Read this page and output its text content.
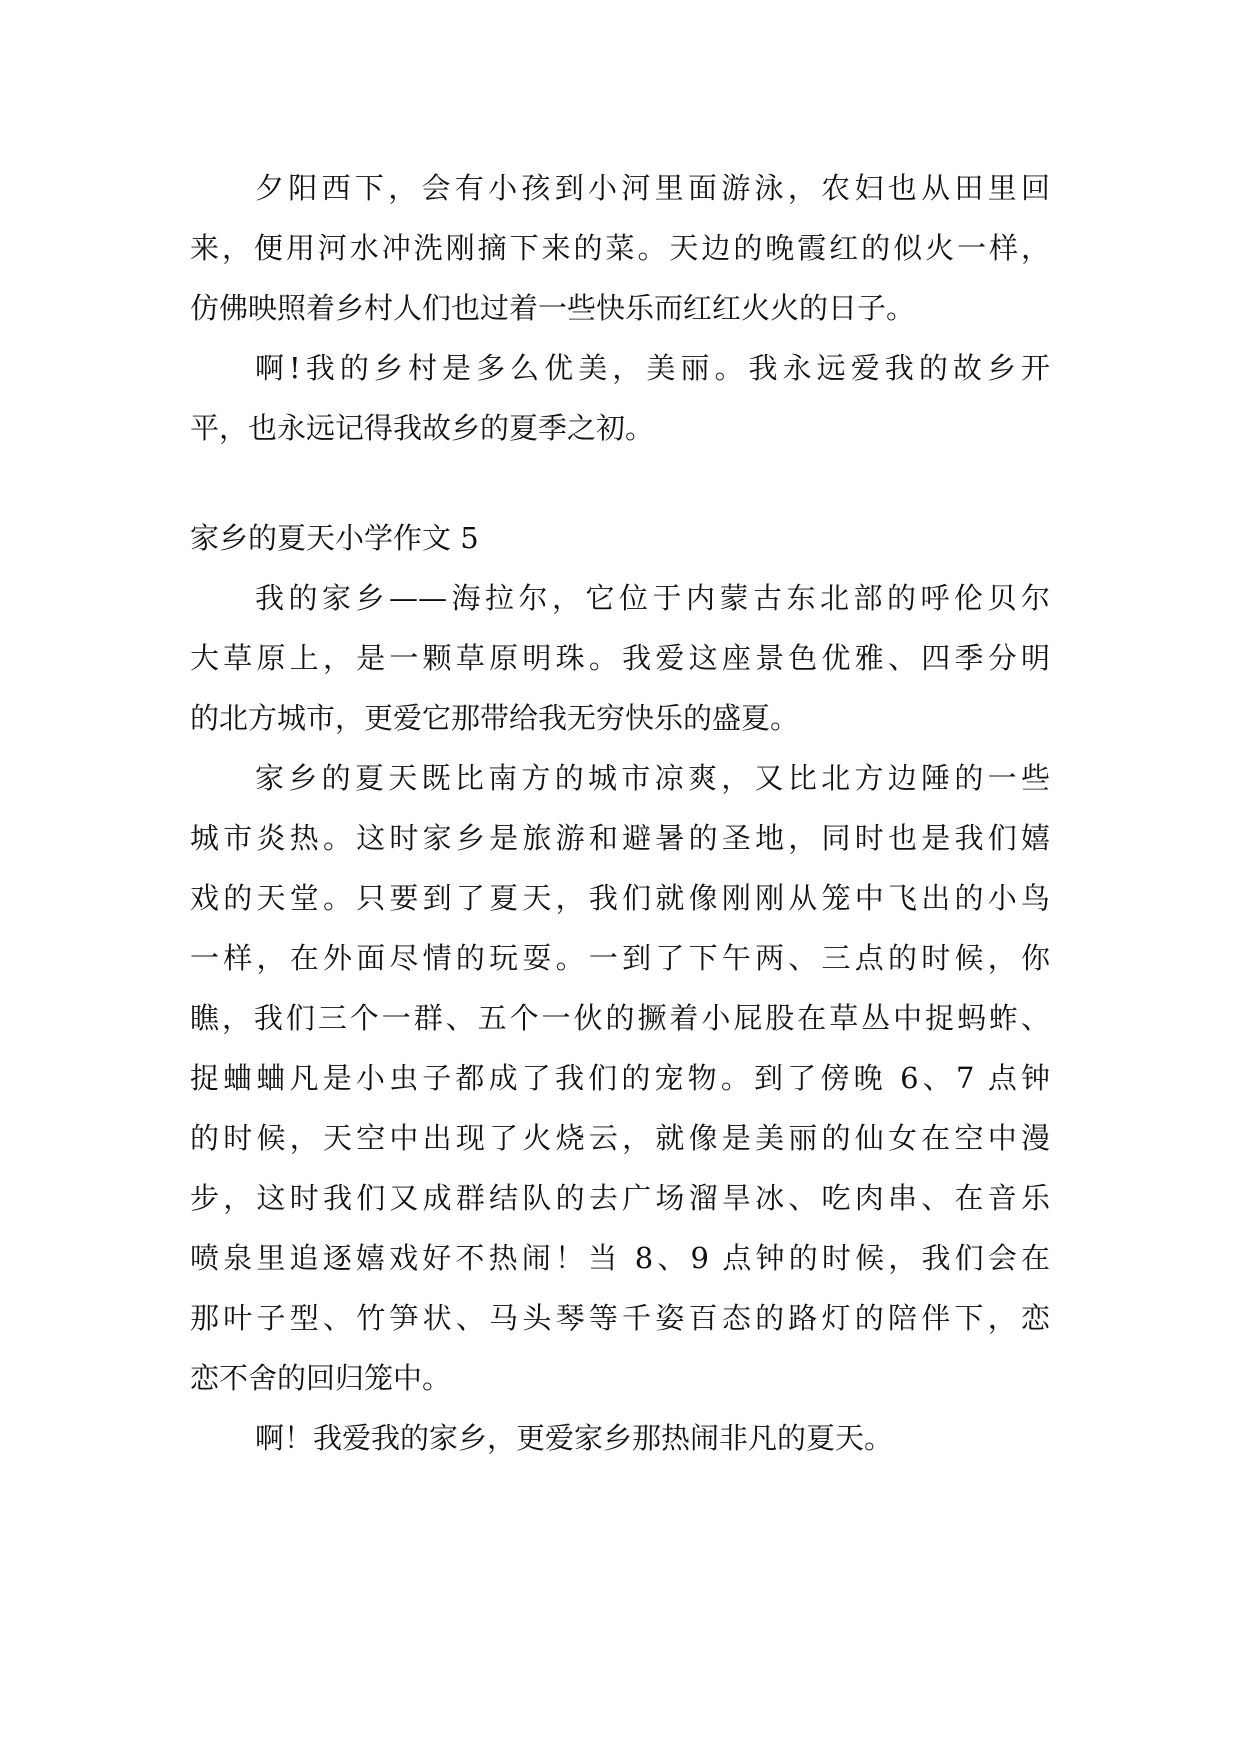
夕阳西下，会有小孩到小河里面游泳，农妇也从田里回
来，便用河水冲洗刚摘下来的菜。天边的晚霞红的似火一样，
仿佛映照着乡村人们也过着一些快乐而红红火火的日子。
啊!我的乡村是多么优美，美丽。我永远爱我的故乡开
平，也永远记得我故乡的夏季之初。
家乡的夏天小学作文 5
我的家乡——海拉尔，它位于内蒙古东北部的呼伦贝尔
大草原上，是一颗草原明珠。我爱这座景色优雅、四季分明
的北方城市，更爱它那带给我无穷快乐的盛夏。
家乡的夏天既比南方的城市凉爽，又比北方边陲的一些
城市炎热。这时家乡是旅游和避暑的圣地，同时也是我们嬉
戏的天堂。只要到了夏天，我们就像刚刚从笼中飞出的小鸟
一样，在外面尽情的玩耍。一到了下午两、三点的时候，你
瞧，我们三个一群、五个一伙的撅着小屁股在草丛中捉蚂蚱、
捉蛐蛐凡是小虫子都成了我们的宠物。到了傍晚 6、7 点钟
的时候，天空中出现了火烧云，就像是美丽的仙女在空中漫
步，这时我们又成群结队的去广场溜旱冰、吃肉串、在音乐
喷泉里追逐嬉戏好不热闹！当 8、9 点钟的时候，我们会在
那叶子型、竹笋状、马头琴等千姿百态的路灯的陪伴下，恋
恋不舍的回归笼中。
啊！我爱我的家乡，更爱家乡那热闹非凡的夏天。
